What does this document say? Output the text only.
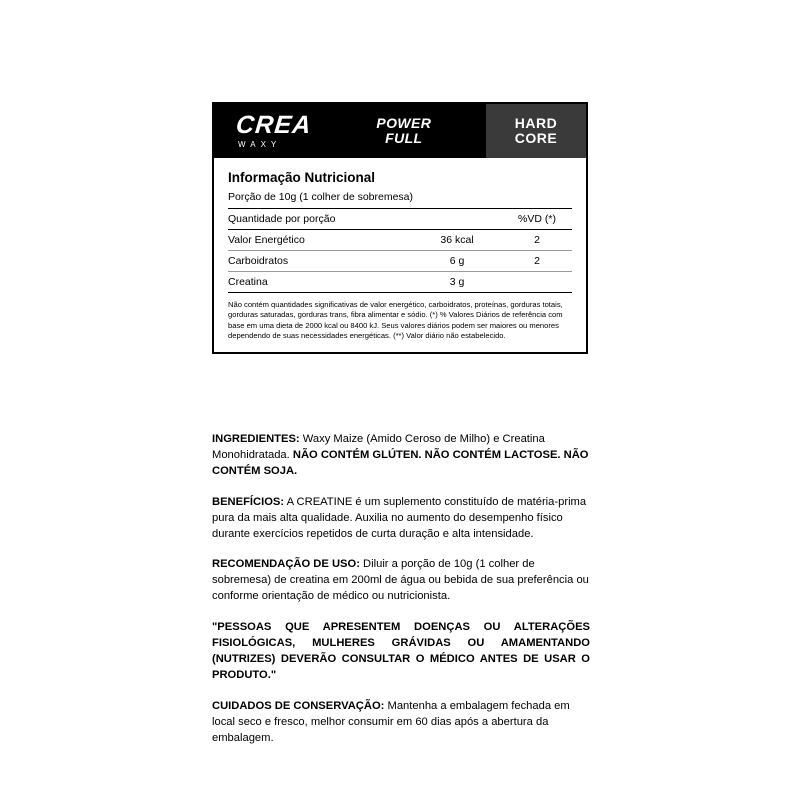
CREA
WAXY
POWER
FULL
HARD
CORE
Informação Nutricional
Porção de 10g (1 colher de sobremesa)
Quantidade por porção		%VD (*)
Valor Energético	36 kcal	2
Carboidratos	6 g	2
Creatina	3 g	
Não contém quantidades significativas de valor energético, carboidratos, proteínas, gorduras totais, gorduras saturadas, gorduras trans, fibra alimentar e sódio. (*) % Valores Diários de referência com base em uma dieta de 2000 kcal ou 8400 kJ. Seus valores diários podem ser maiores ou menores dependendo de suas necessidades energéticas. (**) Valor diário não estabelecido.
INGREDIENTES: Waxy Maize (Amido Ceroso de Milho) e Creatina Monohidratada. NÃO CONTÉM GLÚTEN. NÃO CONTÉM LACTOSE. NÃO CONTÉM SOJA.
BENEFÍCIOS: A CREATINE é um suplemento constituído de matéria-prima pura da mais alta qualidade. Auxilia no aumento do desempenho físico durante exercícios repetidos de curta duração e alta intensidade.
RECOMENDAÇÃO DE USO: Diluir a porção de 10g (1 colher de sobremesa) de creatina em 200ml de água ou bebida de sua preferência ou conforme orientação de médico ou nutricionista.
"PESSOAS QUE APRESENTEM DOENÇAS OU ALTERAÇÕES FISIOLÓGICAS, MULHERES GRÁVIDAS OU AMAMENTANDO (NUTRIZES) DEVERÃO CONSULTAR O MÉDICO ANTES DE USAR O PRODUTO."
CUIDADOS DE CONSERVAÇÃO: Mantenha a embalagem fechada em local seco e fresco, melhor consumir em 60 dias após a abertura da embalagem.
